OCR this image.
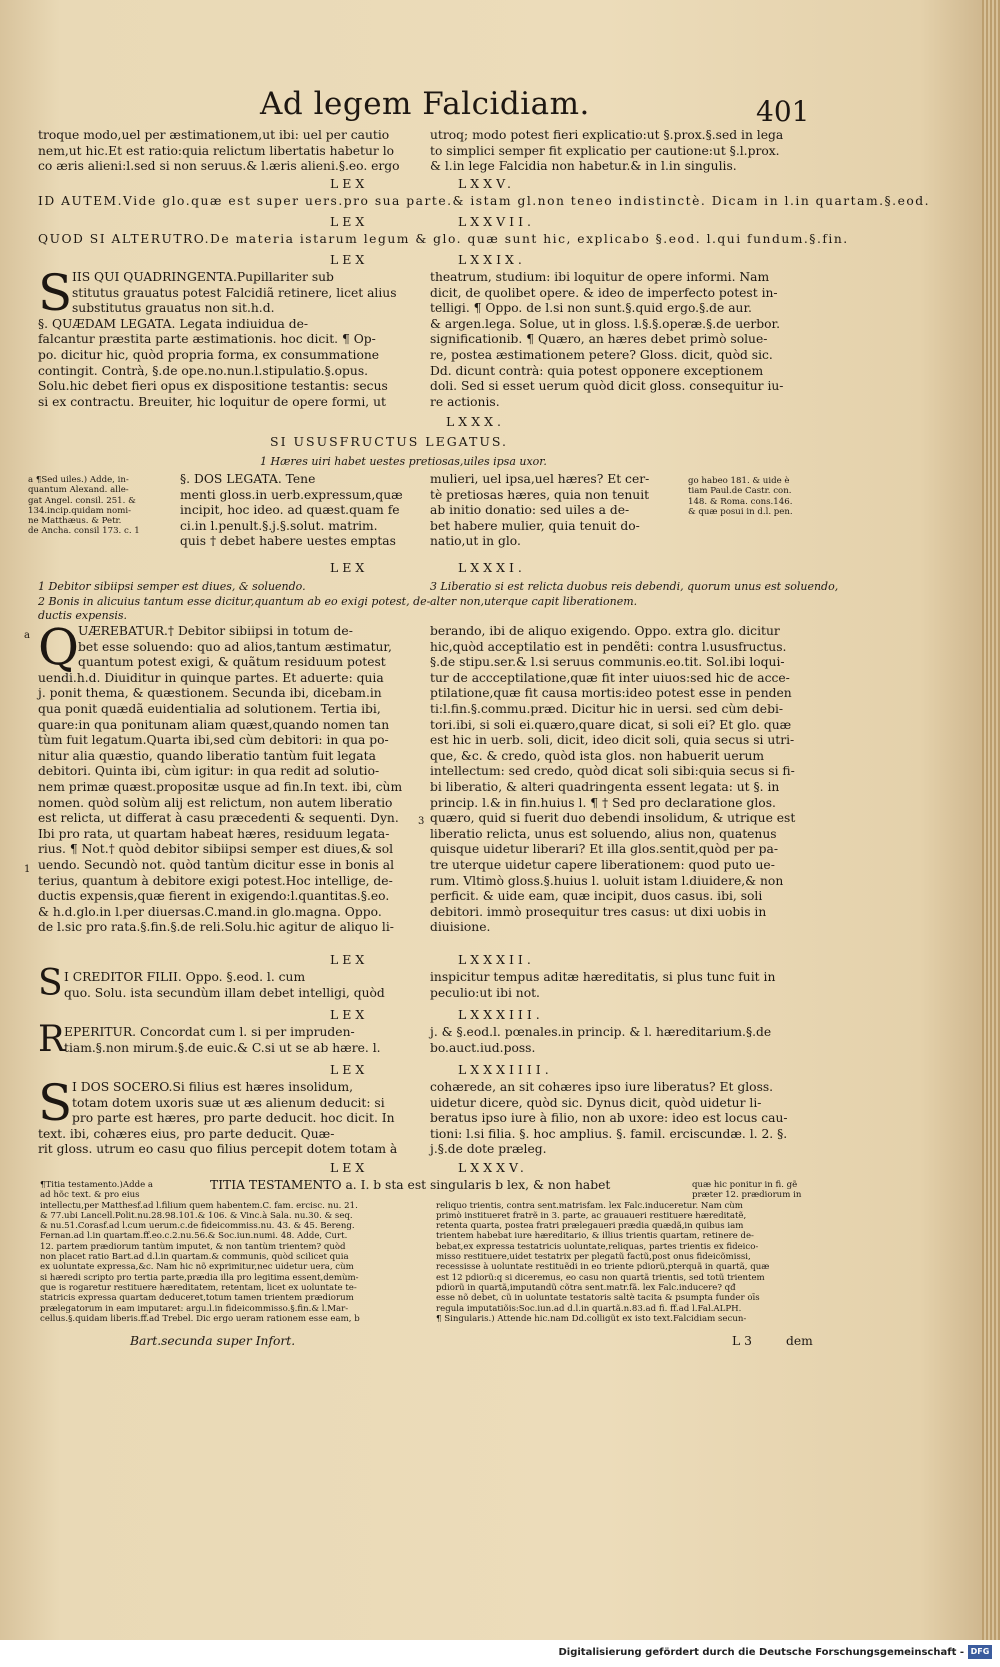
Ad legem Falcidiam.	401
troque modo,uel per æstimationem,ut ibi: uel per cautio
nem,ut hic.Et est ratio:quia relictum libertatis habetur lo
co æris alieni:l.sed si non seruus.& l.æris alieni.§.eo. ergo
utroq; modo potest fieri explicatio:ut §.prox.§.sed in lega
to simplici semper fit explicatio per cautione:ut §.l.prox.
& l.in lege Falcidia non habetur.& in l.in singulis.
LEX	LXXV.
ID AUTEM.Vide glo.quæ est super uers.pro sua parte.& istam gl.non teneo indistinctè. Dicam in l.in quartam.§.eod.
LEX	LXXVII.
QUOD SI ALTERUTRO.De materia istarum legum & glo. quæ sunt hic, explicabo §.eod. l.qui fundum.§.fin.
LEX	LXXIX.
S IIS QUI QUADRINGENTA.Pupillariter sub
stitutus grauatus potest Falcidiã retinere, licet alius
substitutus grauatus non sit.h.d.
§. QUÆDAM LEGATA. Legata indiuidua de-
falcantur præstita parte æstimationis. hoc dicit. ¶ Op-
po. dicitur hic, quòd propria forma, ex consummatione
contingit. Contrà, §.de ope.no.nun.l.stipulatio.§.opus.
Solu.hic debet fieri opus ex dispositione testantis: secus
si ex contractu. Breuiter, hic loquitur de opere formi, ut
theatrum, studium: ibi loquitur de opere informi. Nam
dicit, de quolibet opere. & ideo de imperfecto potest in-
telligi. ¶ Oppo. de l.si non sunt.§.quid ergo.§.de aur.
& argen.lega. Solue, ut in gloss. l.§.§.operæ.§.de uerbor.
significationib. ¶ Quæro, an hæres debet primò solue-
re, postea æstimationem petere? Gloss. dicit, quòd sic.
Dd. dicunt contrà: quia potest opponere exceptionem
doli. Sed si esset uerum quòd dicit gloss. consequitur iu-
re actionis.
LXXX.
SI USUSFRUCTUS LEGATUS.
1 Hæres uiri habet uestes pretiosas,uiles ipsa uxor.
a ¶Sed uiles.) Adde, in-
quantum Alexand. alle-
gat Angel. consil. 251. &
134.incip.quidam nomi-
ne Matthæus. & Petr.
de Ancha. consil 173. c. 1
§. DOS LEGATA. Tene
menti gloss.in uerb.expressum,quæ
incipit, hoc ideo. ad quæst.quam fe
ci.in l.penult.§.j.§.solut. matrim.
quis † debet habere uestes emptas
mulieri, uel ipsa,uel hæres? Et cer-
tè pretiosas hæres, quia non tenuit
ab initio donatio: sed uiles a de-
bet habere mulier, quia tenuit do-
natio,ut in glo.
go habeo 181. & uide è
tiam Paul.de Castr. con.
148. & Roma. cons.146.
& quæ posui in d.l. pen.
LEX	LXXXI.
1 Debitor sibiipsi semper est diues, & soluendo.
2 Bonis in alicuius tantum esse dicitur,quantum ab eo exigi potest, de-
ductis expensis.
3 Liberatio si est relicta duobus reis debendi, quorum unus est soluendo,
alter non,uterque capit liberationem.
a
1
3
Q UÆREBATUR.† Debitor sibiipsi in totum de-
bet esse soluendo: quo ad alios,tantum æstimatur,
quantum potest exigi, & quãtum residuum potest
uendi.h.d. Diuiditur in quinque partes. Et aduerte: quia
j. ponit thema, & quæstionem. Secunda ibi, dicebam.in
qua ponit quædã euidentialia ad solutionem. Tertia ibi,
quare:in qua ponitunam aliam quæst,quando nomen tan
tùm fuit legatum.Quarta ibi,sed cùm debitori: in qua po-
nitur alia quæstio, quando liberatio tantùm fuit legata
debitori. Quinta ibi, cùm igitur: in qua redit ad solutio-
nem primæ quæst.propositæ usque ad fin.In text. ibi, cùm
nomen. quòd solùm alij est relictum, non autem liberatio
est relicta, ut differat à casu præcedenti & sequenti. Dyn.
Ibi pro rata, ut quartam habeat hæres, residuum legata-
rius. ¶ Not.† quòd debitor sibiipsi semper est diues,& sol
uendo. Secundò not. quòd tantùm dicitur esse in bonis al
terius, quantum à debitore exigi potest.Hoc intellige, de-
ductis expensis,quæ fierent in exigendo:l.quantitas.§.eo.
& h.d.glo.in l.per diuersas.C.mand.in glo.magna. Oppo.
de l.sic pro rata.§.fin.§.de reli.Solu.hic agitur de aliquo li-
berando, ibi de aliquo exigendo. Oppo. extra glo. dicitur
hic,quòd acceptilatio est in pendẽti: contra l.ususfructus.
§.de stipu.ser.& l.si seruus communis.eo.tit. Sol.ibi loqui-
tur de accceptilatione,quæ fit inter uiuos:sed hic de acce-
ptilatione,quæ fit causa mortis:ideo potest esse in penden
ti:l.fin.§.commu.præd. Dicitur hic in uersi. sed cùm debi-
tori.ibi, si soli ei.quæro,quare dicat, si soli ei? Et glo. quæ
est hic in uerb. soli, dicit, ideo dicit soli, quia secus si utri-
que, &c. & credo, quòd ista glos. non habuerit uerum
intellectum: sed credo, quòd dicat soli sibi:quia secus si fi-
bi liberatio, & alteri quadringenta essent legata: ut §. in
princip. l.& in fin.huius l. ¶ † Sed pro declaratione glos.
quæro, quid si fuerit duo debendi insolidum, & utrique est
liberatio relicta, unus est soluendo, alius non, quatenus
quisque uidetur liberari? Et illa glos.sentit,quòd per pa-
tre uterque uidetur capere liberationem: quod puto ue-
rum. Vltimò gloss.§.huius l. uoluit istam l.diuidere,& non
perficit. & uide eam, quæ incipit, duos casus. ibi, soli
debitori. immò prosequitur tres casus: ut dixi uobis in
diuisione.
LEX	LXXXII.
S I CREDITOR FILII. Oppo. §.eod. l. cum
quo. Solu. ista secundùm illam debet intelligi, quòd
inspicitur tempus aditæ hæreditatis, si plus tunc fuit in
peculio:ut ibi not.
LEX	LXXXIII.
R
EPERITUR. Concordat cum l. si per impruden-
tiam.§.non mirum.§.de euic.& C.si ut se ab hære. l.
j. & §.eod.l. pœnales.in princip. & l. hæreditarium.§.de
bo.auct.iud.poss.
LEX	LXXXIIII.
S I DOS SOCERO.Si filius est hæres insolidum,
totam dotem uxoris suæ ut æs alienum deducit: si
pro parte est hæres, pro parte deducit. hoc dicit. In
text. ibi, cohæres eius, pro parte deducit. Quæ-
rit gloss. utrum eo casu quo filius percepit dotem totam à
cohærede, an sit cohæres ipso iure liberatus? Et gloss.
uidetur dicere, quòd sic. Dynus dicit, quòd uidetur li-
beratus ipso iure à filio, non ab uxore: ideo est locus cau-
tioni: l.si filia. §. hoc amplius. §. famil. erciscundæ. l. 2. §.
j.§.de dote præleg.
LEX	LXXXV.
TITIA TESTAMENTO a. I. b sta est singularis b lex, & non habet
¶Titia testamento.)Adde a
ad hõc text. & pro eius
intellectu,per Matthesf.ad l.filium quem habentem.C. fam. ercisc. nu. 21.
& 77.ubi Lancell.Polit.nu.28.98.101.& 106. & Vinc.à Sala. nu.30. & seq.
& nu.51.Corasf.ad l.cum uerum.c.de fideicommiss.nu. 43. & 45. Bereng.
Fernan.ad l.in quartam.ff.eo.c.2.nu.56.& Soc.iun.numi. 48. Adde, Curt.
12. partem prædiorum tantùm imputet, & non tantùm trientem? quòd
non placet ratio Bart.ad d.l.in quartam.& communis, quòd scilicet quia
ex uoluntate expressa,&c. Nam hic nõ exprimitur,nec uidetur uera, cùm
si hæredi scripto pro tertia parte,prædia illa pro legitima essent,demùm-
que is rogaretur restituere hæreditatem, retentam, licet ex uoluntate te-
statricis expressa quartam deduceret,totum tamen trientem prædiorum
prælegatorum in eam imputaret: argu.l.in fideicommisso.§.fin.& l.Mar-
cellus.§.quidam liberis.ff.ad Trebel. Dic ergo ueram rationem esse eam, b
quæ hic ponitur in fi. gẽ
præter 12. prædiorum in
reliquo trientis, contra sent.matrisfam. lex Falc.induceretur. Nam cùm
primò institueret fratrẽ in 3. parte, ac grauaueri restituere hæreditatẽ,
retenta quarta, postea fratri prælegaueri prædia quædã,in quibus iam
trientem habebat iure hæreditario, & illius trientis quartam, retinere de-
bebat,ex expressa testatricis uoluntate,reliquas, partes trientis ex fideico-
misso restituere,uidet testatrix per plegatũ factũ,post onus fideicõmissi,
recessisse à uoluntate restituẽdi in eo triente pdiorũ,pterquã in quartã, quæ
est 12 pdiorũ:q si diceremus, eo casu non quartã trientis, sed totũ trientem
pdiorũ in quartã,imputandũ cõtra sent.matr.fã. lex Falc.inducere? qđ
esse nõ debet, cũ in uoluntate testatoris saltè tacita & psumpta funder oīs
regula imputatiõis:Soc.iun.ad d.l.in quartã.n.83.ad fi. ff.ad l.Fal.ALPH.
¶ Singularis.) Attende hic.nam Dd.colligũt ex isto text.Falcidiam secun-
Bart.secunda super Infort.	L 3	dem
Digitalisierung gefördert durch die Deutsche Forschungsgemeinschaft - DFG
